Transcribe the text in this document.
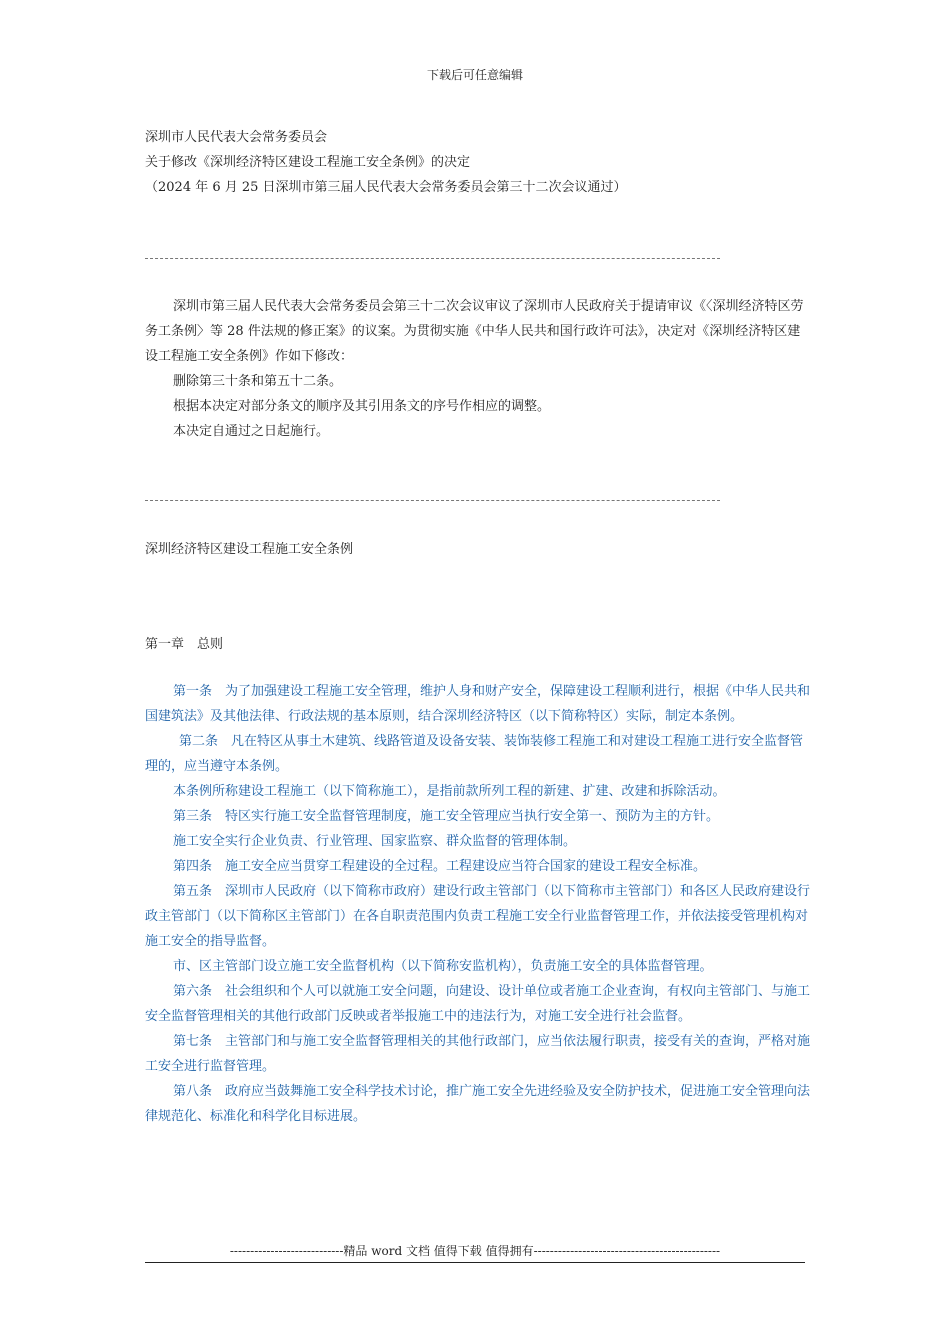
下载后可任意编辑

深圳市人民代表大会常务委员会

关于修改《深圳经济特区建设工程施工安全条例》的决定

（2024 年 6 月 25 日深圳市第三届人民代表大会常务委员会第三十二次会议通过）

深圳市第三届人民代表大会常务委员会第三十二次会议审议了深圳市人民政府关于提请审议《〈深圳经济特区劳务工条例〉等 28 件法规的修正案》的议案。为贯彻实施《中华人民共和国行政许可法》，决定对《深圳经济特区建设工程施工安全条例》作如下修改：

删除第三十条和第五十二条。

根据本决定对部分条文的顺序及其引用条文的序号作相应的调整。

本决定自通过之日起施行。

深圳经济特区建设工程施工安全条例
第一章　总则

第一条　为了加强建设工程施工安全管理，维护人身和财产安全，保障建设工程顺利进行，根据《中华人民共和国建筑法》及其他法律、行政法规的基本原则，结合深圳经济特区（以下简称特区）实际，制定本条例。

第二条　凡在特区从事土木建筑、线路管道及设备安装、装饰装修工程施工和对建设工程施工进行安全监督管理的，应当遵守本条例。

本条例所称建设工程施工（以下简称施工），是指前款所列工程的新建、扩建、改建和拆除活动。

第三条　特区实行施工安全监督管理制度，施工安全管理应当执行安全第一、预防为主的方针。

施工安全实行企业负责、行业管理、国家监察、群众监督的管理体制。

第四条　施工安全应当贯穿工程建设的全过程。工程建设应当符合国家的建设工程安全标准。

第五条　深圳市人民政府（以下简称市政府）建设行政主管部门（以下简称市主管部门）和各区人民政府建设行政主管部门（以下简称区主管部门）在各自职责范围内负责工程施工安全行业监督管理工作，并依法接受管理机构对施工安全的指导监督。

市、区主管部门设立施工安全监督机构（以下简称安监机构），负责施工安全的具体监督管理。

第六条　社会组织和个人可以就施工安全问题，向建设、设计单位或者施工企业查询，有权向主管部门、与施工安全监督管理相关的其他行政部门反映或者举报施工中的违法行为，对施工安全进行社会监督。

第七条　主管部门和与施工安全监督管理相关的其他行政部门，应当依法履行职责，接受有关的查询，严格对施工安全进行监督管理。

第八条　政府应当鼓舞施工安全科学技术讨论，推广施工安全先进经验及安全防护技术，促进施工安全管理向法律规范化、标准化和科学化目标进展。

----------------------------精品 word 文档 值得下载 值得拥有----------------------------------------------
